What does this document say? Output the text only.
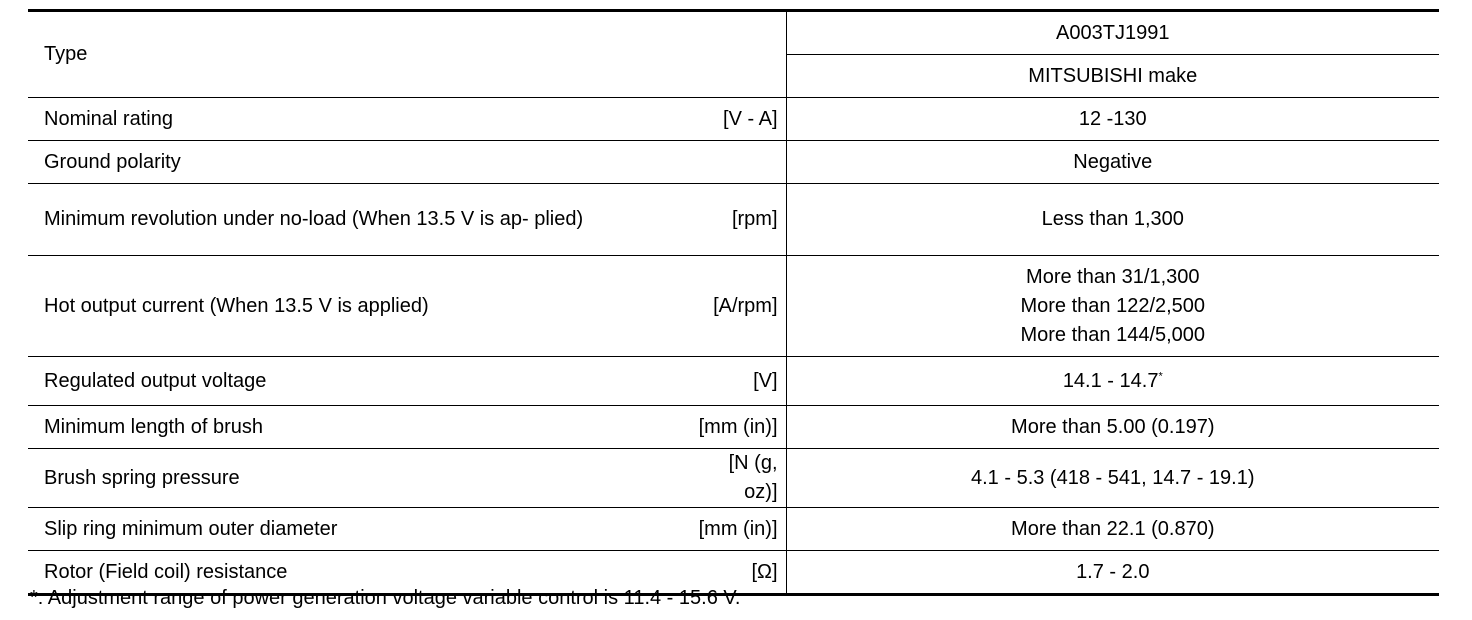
Type		A003TJ1991
		MITSUBISHI make
Nominal rating	[V - A]	12 -130
Ground polarity		Negative

Minimum revolution under no-load (When 13.5 V is ap- plied)	[rpm]	Less than 1,300
Hot output current (When 13.5 V is applied)	[A/rpm]	More than 31/1,300
More than 122/2,500
More than 144/5,000

Regulated output voltage	[V]	14.1 - 14.7*
Minimum length of brush	[mm (in)]	More than 5.00 (0.197)
Brush spring pressure	[N (g, oz)]	4.1 - 5.3 (418 - 541, 14.7 - 19.1)
Slip ring minimum outer diameter	[mm (in)]	More than 22.1 (0.870)
Rotor (Field coil) resistance	[Ω]	1.7 - 2.0
*: Adjustment range of power generation voltage variable control is 11.4 - 15.6 V.
